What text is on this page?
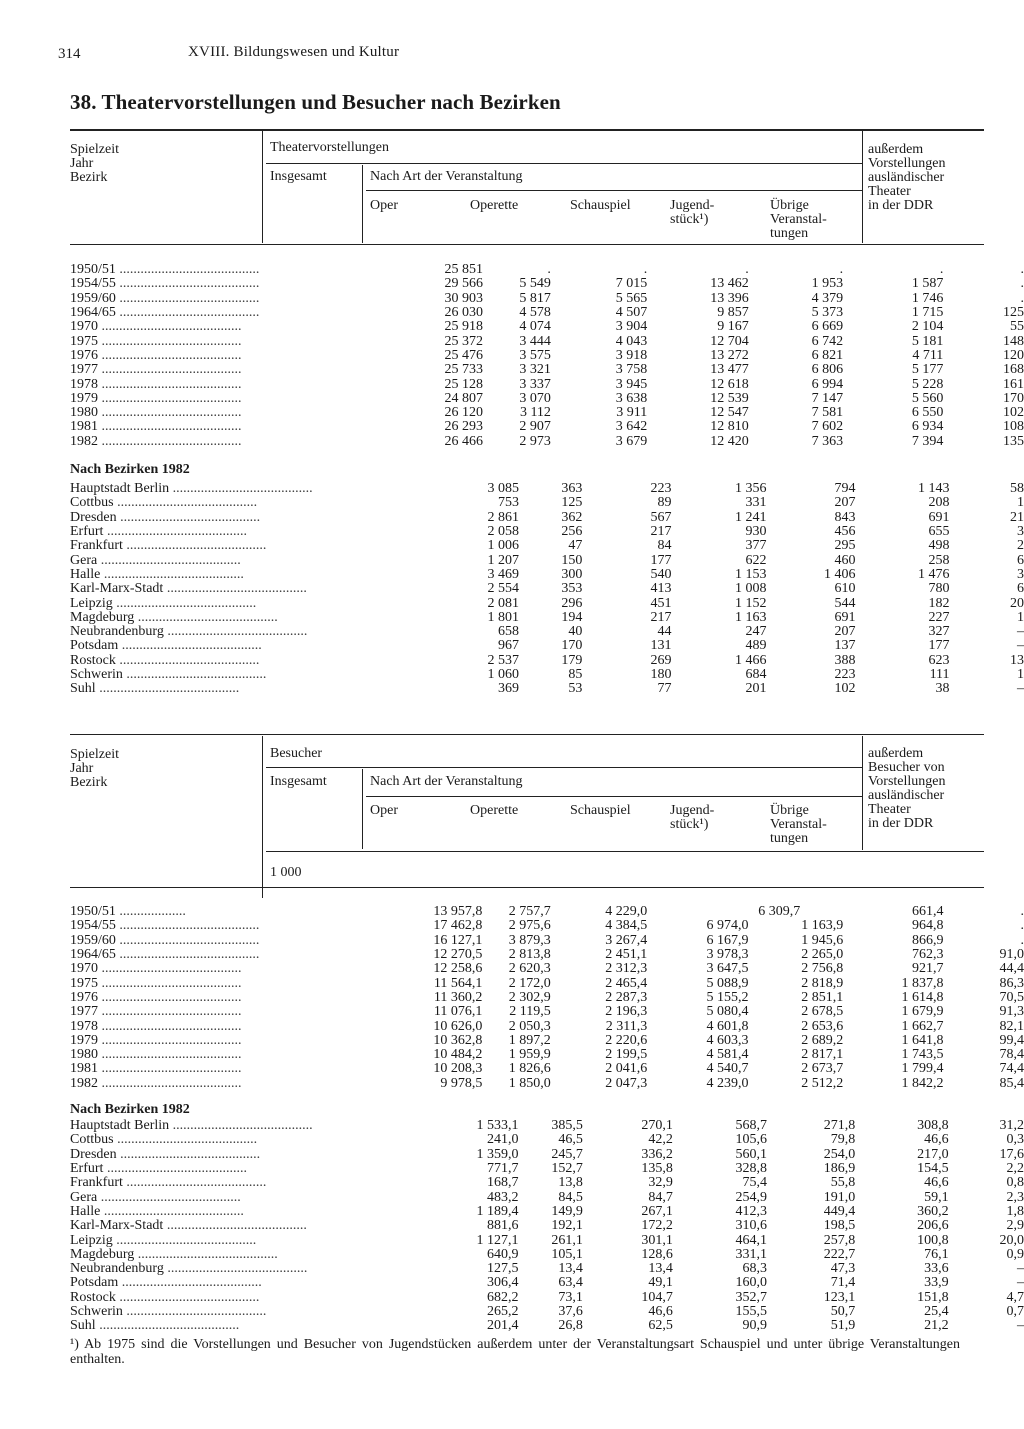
314	XVIII. Bildungswesen und Kultur
38. Theatervorstellungen und Besucher nach Bezirken
Spielzeit
Jahr
Bezirk
Theatervorstellungen
Insgesamt	Nach Art der Veranstaltung
Oper	Operette	Schauspiel	Jugend-
stück¹)
Übrige
Veranstal-
tungen
außerdem
Vorstellungen
ausländischer
Theater
in der DDR
1950/51 ........................................	25 851	.	.	.	.	.	.
1954/55 ........................................	29 566	5 549	7 015	13 462	1 953	1 587	.
1959/60 ........................................	30 903	5 817	5 565	13 396	4 379	1 746	.
1964/65 ........................................	26 030	4 578	4 507	9 857	5 373	1 715	125
1970 ........................................	25 918	4 074	3 904	9 167	6 669	2 104	55
1975 ........................................	25 372	3 444	4 043	12 704	6 742	5 181	148
1976 ........................................	25 476	3 575	3 918	13 272	6 821	4 711	120
1977 ........................................	25 733	3 321	3 758	13 477	6 806	5 177	168
1978 ........................................	25 128	3 337	3 945	12 618	6 994	5 228	161
1979 ........................................	24 807	3 070	3 638	12 539	7 147	5 560	170
1980 ........................................	26 120	3 112	3 911	12 547	7 581	6 550	102
1981 ........................................	26 293	2 907	3 642	12 810	7 602	6 934	108
1982 ........................................	26 466	2 973	3 679	12 420	7 363	7 394	135
Nach Bezirken 1982
Hauptstadt Berlin ........................................	3 085	363	223	1 356	794	1 143	58
Cottbus ........................................	753	125	89	331	207	208	1
Dresden ........................................	2 861	362	567	1 241	843	691	21
Erfurt ........................................	2 058	256	217	930	456	655	3
Frankfurt ........................................	1 006	47	84	377	295	498	2
Gera ........................................	1 207	150	177	622	460	258	6
Halle ........................................	3 469	300	540	1 153	1 406	1 476	3
Karl-Marx-Stadt ........................................	2 554	353	413	1 008	610	780	6
Leipzig ........................................	2 081	296	451	1 152	544	182	20
Magdeburg ........................................	1 801	194	217	1 163	691	227	1
Neubrandenburg ........................................	658	40	44	247	207	327	–
Potsdam ........................................	967	170	131	489	137	177	–
Rostock ........................................	2 537	179	269	1 466	388	623	13
Schwerin ........................................	1 060	85	180	684	223	111	1
Suhl ........................................	369	53	77	201	102	38	–
Spielzeit
Jahr
Bezirk
Besucher
Insgesamt	Nach Art der Veranstaltung
Oper	Operette	Schauspiel	Jugend-
stück¹)
Übrige
Veranstal-
tungen
außerdem
Besucher von
Vorstellungen
ausländischer
Theater
in der DDR
1 000
1950/51 ...................	13 957,8	2 757,7	4 229,0	6 309,7		661,4	.
1954/55 ........................................	17 462,8	2 975,6	4 384,5	6 974,0	1 163,9	964,8	.
1959/60 ........................................	16 127,1	3 879,3	3 267,4	6 167,9	1 945,6	866,9	.
1964/65 ........................................	12 270,5	2 813,8	2 451,1	3 978,3	2 265,0	762,3	91,0
1970 ........................................	12 258,6	2 620,3	2 312,3	3 647,5	2 756,8	921,7	44,4
1975 ........................................	11 564,1	2 172,0	2 465,4	5 088,9	2 818,9	1 837,8	86,3
1976 ........................................	11 360,2	2 302,9	2 287,3	5 155,2	2 851,1	1 614,8	70,5
1977 ........................................	11 076,1	2 119,5	2 196,3	5 080,4	2 678,5	1 679,9	91,3
1978 ........................................	10 626,0	2 050,3	2 311,3	4 601,8	2 653,6	1 662,7	82,1
1979 ........................................	10 362,8	1 897,2	2 220,6	4 603,3	2 689,2	1 641,8	99,4
1980 ........................................	10 484,2	1 959,9	2 199,5	4 581,4	2 817,1	1 743,5	78,4
1981 ........................................	10 208,3	1 826,6	2 041,6	4 540,7	2 673,7	1 799,4	74,4
1982 ........................................	9 978,5	1 850,0	2 047,3	4 239,0	2 512,2	1 842,2	85,4
Nach Bezirken 1982
Hauptstadt Berlin ........................................	1 533,1	385,5	270,1	568,7	271,8	308,8	31,2
Cottbus ........................................	241,0	46,5	42,2	105,6	79,8	46,6	0,3
Dresden ........................................	1 359,0	245,7	336,2	560,1	254,0	217,0	17,6
Erfurt ........................................	771,7	152,7	135,8	328,8	186,9	154,5	2,2
Frankfurt ........................................	168,7	13,8	32,9	75,4	55,8	46,6	0,8
Gera ........................................	483,2	84,5	84,7	254,9	191,0	59,1	2,3
Halle ........................................	1 189,4	149,9	267,1	412,3	449,4	360,2	1,8
Karl-Marx-Stadt ........................................	881,6	192,1	172,2	310,6	198,5	206,6	2,9
Leipzig ........................................	1 127,1	261,1	301,1	464,1	257,8	100,8	20,0
Magdeburg ........................................	640,9	105,1	128,6	331,1	222,7	76,1	0,9
Neubrandenburg ........................................	127,5	13,4	13,4	68,3	47,3	33,6	–
Potsdam ........................................	306,4	63,4	49,1	160,0	71,4	33,9	–
Rostock ........................................	682,2	73,1	104,7	352,7	123,1	151,8	4,7
Schwerin ........................................	265,2	37,6	46,6	155,5	50,7	25,4	0,7
Suhl ........................................	201,4	26,8	62,5	90,9	51,9	21,2	–
¹) Ab 1975 sind die Vorstellungen und Besucher von Jugendstücken außerdem unter der Veranstaltungsart Schauspiel und unter übrige Veranstaltungen enthalten.
